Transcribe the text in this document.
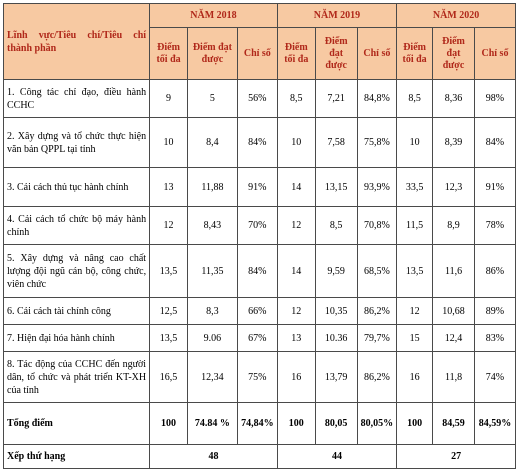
Lĩnh vực/Tiêu chí/Tiêu chí thành phần	NĂM 2018			NĂM 2019			NĂM 2020		
	Điểm tối đa	Điểm đạt được	Chỉ số	Điểm tối đa	Điểm đạt được	Chỉ số	Điểm tối đa	Điểm đạt được	Chỉ số
1. Công tác chỉ đạo, điều hành CCHC	9	5	56%	8,5	7,21	84,8%	8,5	8,36	98%
2. Xây dựng và tổ chức thực hiện văn bản QPPL tại tỉnh	10	8,4	84%	10	7,58	75,8%	10	8,39	84%
3. Cải cách thủ tục hành chính	13	11,88	91%	14	13,15	93,9%	33,5	12,3	91%
4. Cải cách tổ chức bộ máy hành chính	12	8,43	70%	12	8,5	70,8%	11,5	8,9	78%
5. Xây dựng và nâng cao chất lượng đội ngũ cán bộ, công chức, viên chức	13,5	11,35	84%	14	9,59	68,5%	13,5	11,6	86%
6. Cải cách tài chính công	12,5	8,3	66%	12	10,35	86,2%	12	10,68	89%
7. Hiện đại hóa hành chính	13,5	9.06	67%	13	10.36	79,7%	15	12,4	83%
8. Tác động của CCHC đến người dân, tổ chức và phát triển KT-XH của tỉnh	16,5	12,34	75%	16	13,79	86,2%	16	11,8	74%
Tổng điểm	100	74.84 %	74,84%	100	80,05	80,05%	100	84,59	84,59%
Xếp thứ hạng	48			44			27		
